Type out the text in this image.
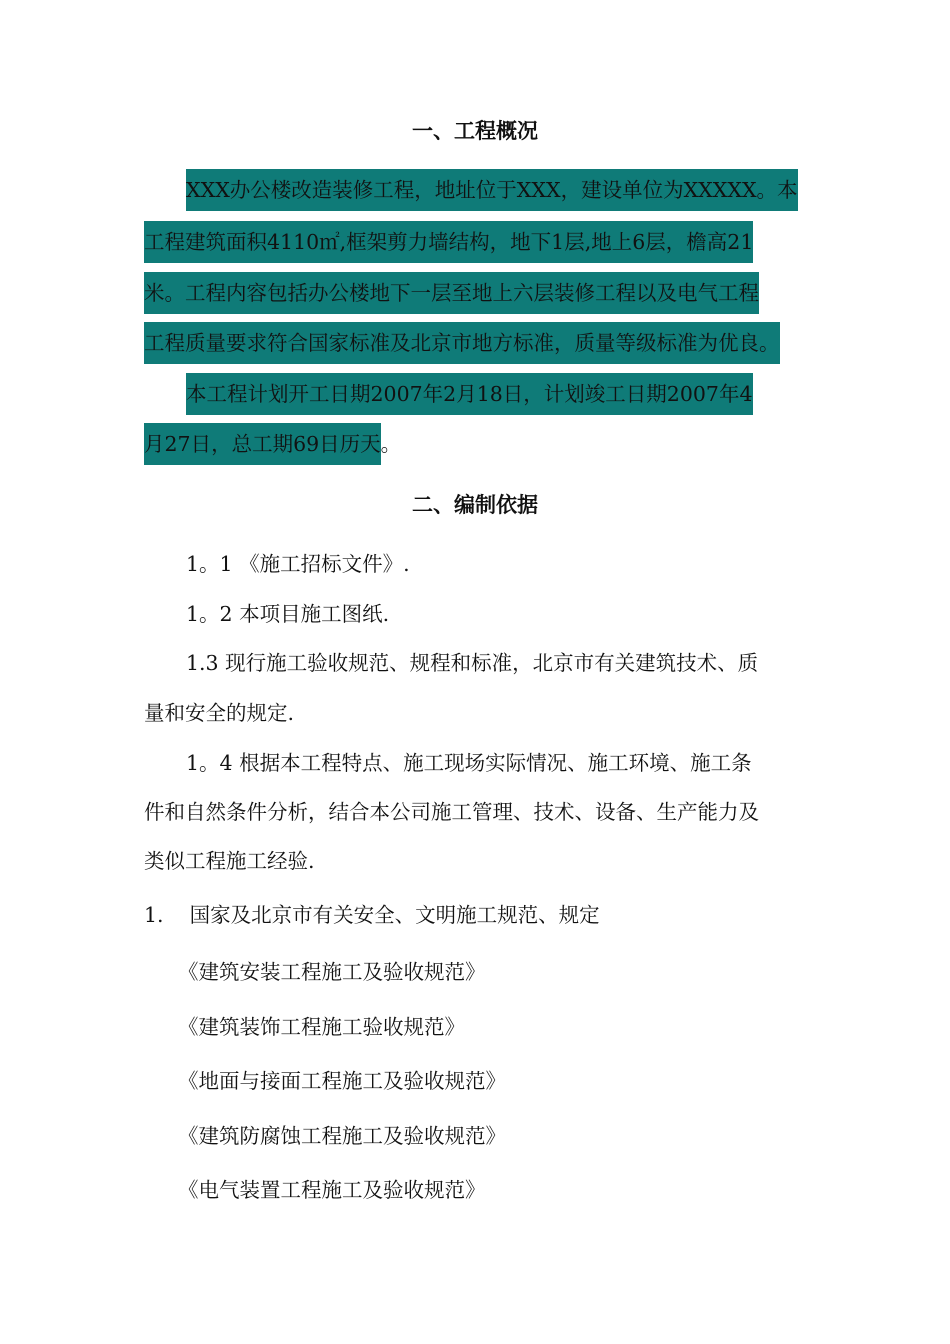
一、工程概况
XXX办公楼改造装修工程，地址位于XXX，建设单位为XXXXX。本
工程建筑面积4110㎡,框架剪力墙结构，地下1层,地上6层，檐高21
米。工程内容包括办公楼地下一层至地上六层装修工程以及电气工程
工程质量要求符合国家标准及北京市地方标准，质量等级标准为优良。
本工程计划开工日期2007年2月18日，计划竣工日期2007年4
月27日，总工期69日历天。
二、编制依据
1。1 《施工招标文件》.
1。2 本项目施工图纸.
1.3 现行施工验收规范、规程和标准，北京市有关建筑技术、质
量和安全的规定.
1。4 根据本工程特点、施工现场实际情况、施工环境、施工条
件和自然条件分析，结合本公司施工管理、技术、设备、生产能力及
类似工程施工经验.
1.    国家及北京市有关安全、文明施工规范、规定
《建筑安装工程施工及验收规范》
《建筑装饰工程施工验收规范》
《地面与接面工程施工及验收规范》
《建筑防腐蚀工程施工及验收规范》
《电气装置工程施工及验收规范》
